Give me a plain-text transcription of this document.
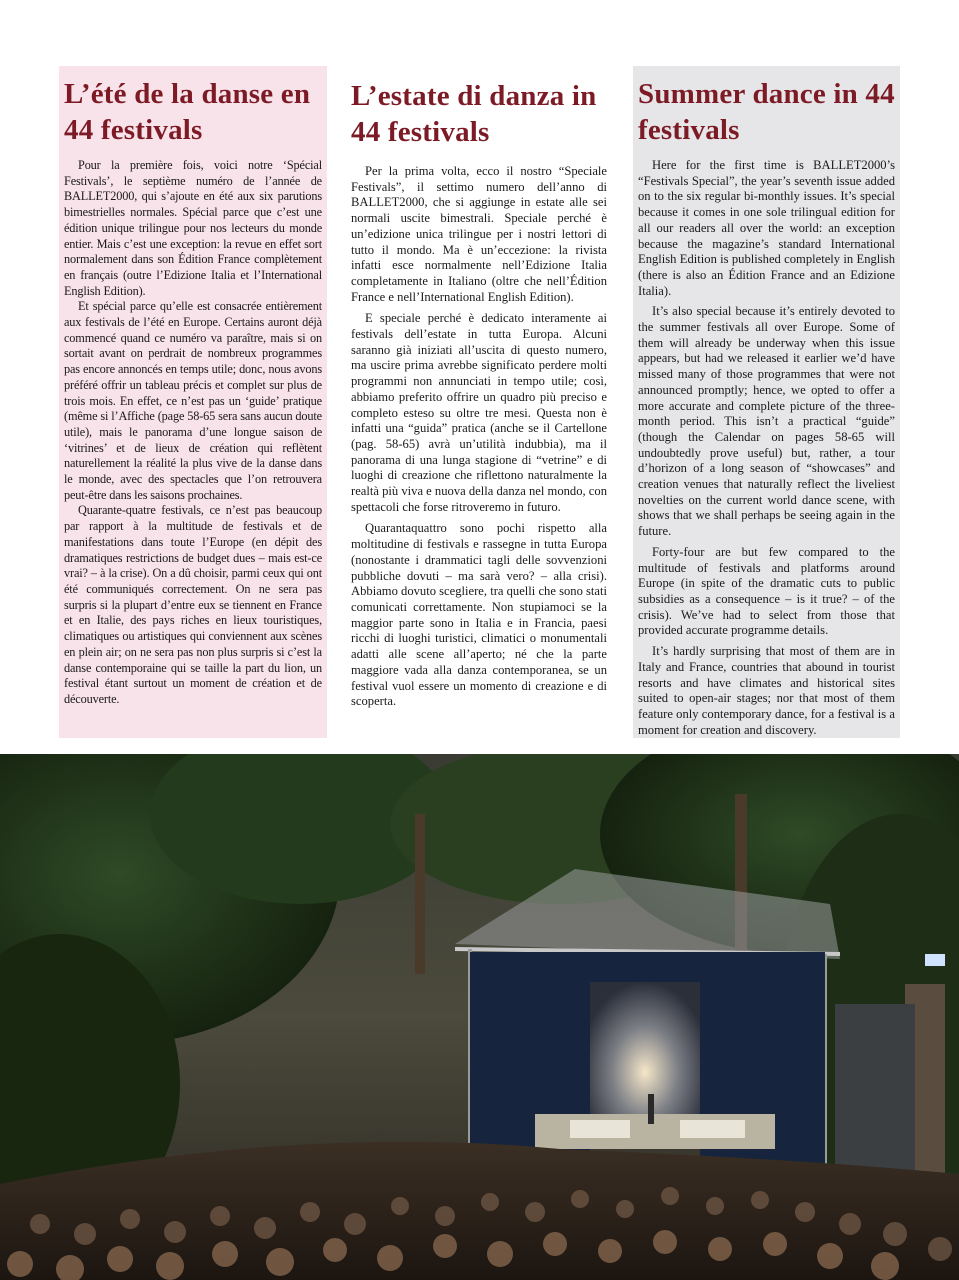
L’été de la danse en 44 festivals

Pour la première fois, voici notre ‘Spécial Festivals’, le septième numéro de l’année de BALLET2000, qui s’ajoute en été aux six parutions bimestrielles normales. Spécial parce que c’est une édition unique trilingue pour nos lecteurs du monde entier. Mais c’est une exception: la revue en effet sort normalement dans son Édition France complètement en français (outre l’Edizione Italia et l’International English Edition).

Et spécial parce qu’elle est consacrée entièrement aux festivals de l’été en Europe. Certains auront déjà commencé quand ce numéro va paraître, mais si on sortait avant on perdrait de nombreux programmes pas encore annoncés en temps utile; donc, nous avons préféré offrir un tableau précis et complet sur plus de trois mois. En effet, ce n’est pas un ‘guide’ pratique (même si l’Affiche (page 58-65 sera sans aucun doute utile), mais le panorama d’une longue saison de ‘vitrines’ et de lieux de création qui reflètent naturellement la réalité la plus vive de la danse dans le monde, avec des spectacles que l’on retrouvera peut-être dans les saisons prochaines.

Quarante-quatre festivals, ce n’est pas beaucoup par rapport à la multitude de festivals et de manifestations dans toute l’Europe (en dépit des dramatiques restrictions de budget dues – mais est-ce vrai? – à la crise). On a dû choisir, parmi ceux qui ont été communiqués correctement. On ne sera pas surpris si la plupart d’entre eux se tiennent en France et en Italie, des pays riches en lieux touristiques, climatiques ou artistiques qui conviennent aux scènes en plein air; on ne sera pas non plus surpris si c’est la danse contemporaine qui se taille la part du lion, un festival étant surtout un moment de création et de découverte.

L’estate di danza in 44 festivals

Per la prima volta, ecco il nostro “Speciale Festivals”, il settimo numero dell’anno di BALLET2000, che si aggiunge in estate alle sei normali uscite bimestrali. Speciale perché è un’edizione unica trilingue per i nostri lettori di tutto il mondo. Ma è un’eccezione: la rivista infatti esce normalmente nell’Edizione Italia completamente in Italiano (oltre che nell’Édition France e nell’International English Edition).

E speciale perché è dedicato interamente ai festivals dell’estate in tutta Europa. Alcuni saranno già iniziati all’uscita di questo numero, ma uscire prima avrebbe significato perdere molti programmi non annunciati in tempo utile; così, abbiamo preferito offrire un quadro più preciso e completo esteso su oltre tre mesi. Questa non è infatti una “guida” pratica (anche se il Cartellone (pag. 58-65) avrà un’utilità indubbia), ma il panorama di una lunga stagione di “vetrine” e di luoghi di creazione che riflettono naturalmente la realtà più viva e nuova della danza nel mondo, con spettacoli che forse ritroveremo in futuro.

Quarantaquattro sono pochi rispetto alla moltitudine di festivals e rassegne in tutta Europa (nonostante i drammatici tagli delle sovvenzioni pubbliche dovuti – ma sarà vero? – alla crisi). Abbiamo dovuto scegliere, tra quelli che sono stati comunicati correttamente. Non stupiamoci se la maggior parte sono in Italia e in Francia, paesi ricchi di luoghi turistici, climatici o monumentali adatti alle scene all’aperto; né che la parte maggiore vada alla danza contemporanea, se un festival vuol essere un momento di creazione e di scoperta.

Summer dance in 44 festivals

Here for the first time is BALLET2000’s “Festivals Special”, the year’s seventh issue added on to the six regular bi-monthly issues. It’s special because it comes in one sole trilingual edition for all our readers all over the world: an exception because the magazine’s standard International English Edition is published completely in English (there is also an Édition France and an Edizione Italia).

It’s also special because it’s entirely devoted to the summer festivals all over Europe. Some of them will already be underway when this issue appears, but had we released it earlier we’d have missed many of those programmes that were not announced promptly; hence, we opted to offer a more accurate and complete picture of the three-month period. This isn’t a practical “guide” (though the Calendar on pages 58-65 will undoubtedly prove useful) but, rather, a tour d’horizon of a long season of “showcases” and creation venues that naturally reflect the liveliest novelties on the current world dance scene, with shows that we shall perhaps be seeing again in the future.

Forty-four are but few compared to the multitude of festivals and platforms around Europe (in spite of the dramatic cuts to public subsidies as a consequence – is it true? – of the crisis). We’ve had to select from those that provided accurate programme details.

It’s hardly surprising that most of them are in Italy and France, countries that abound in tourist resorts and have climates and historical sites suited to open-air stages; nor that most of them feature only contemporary dance, for a festival is a moment for creation and discovery.
